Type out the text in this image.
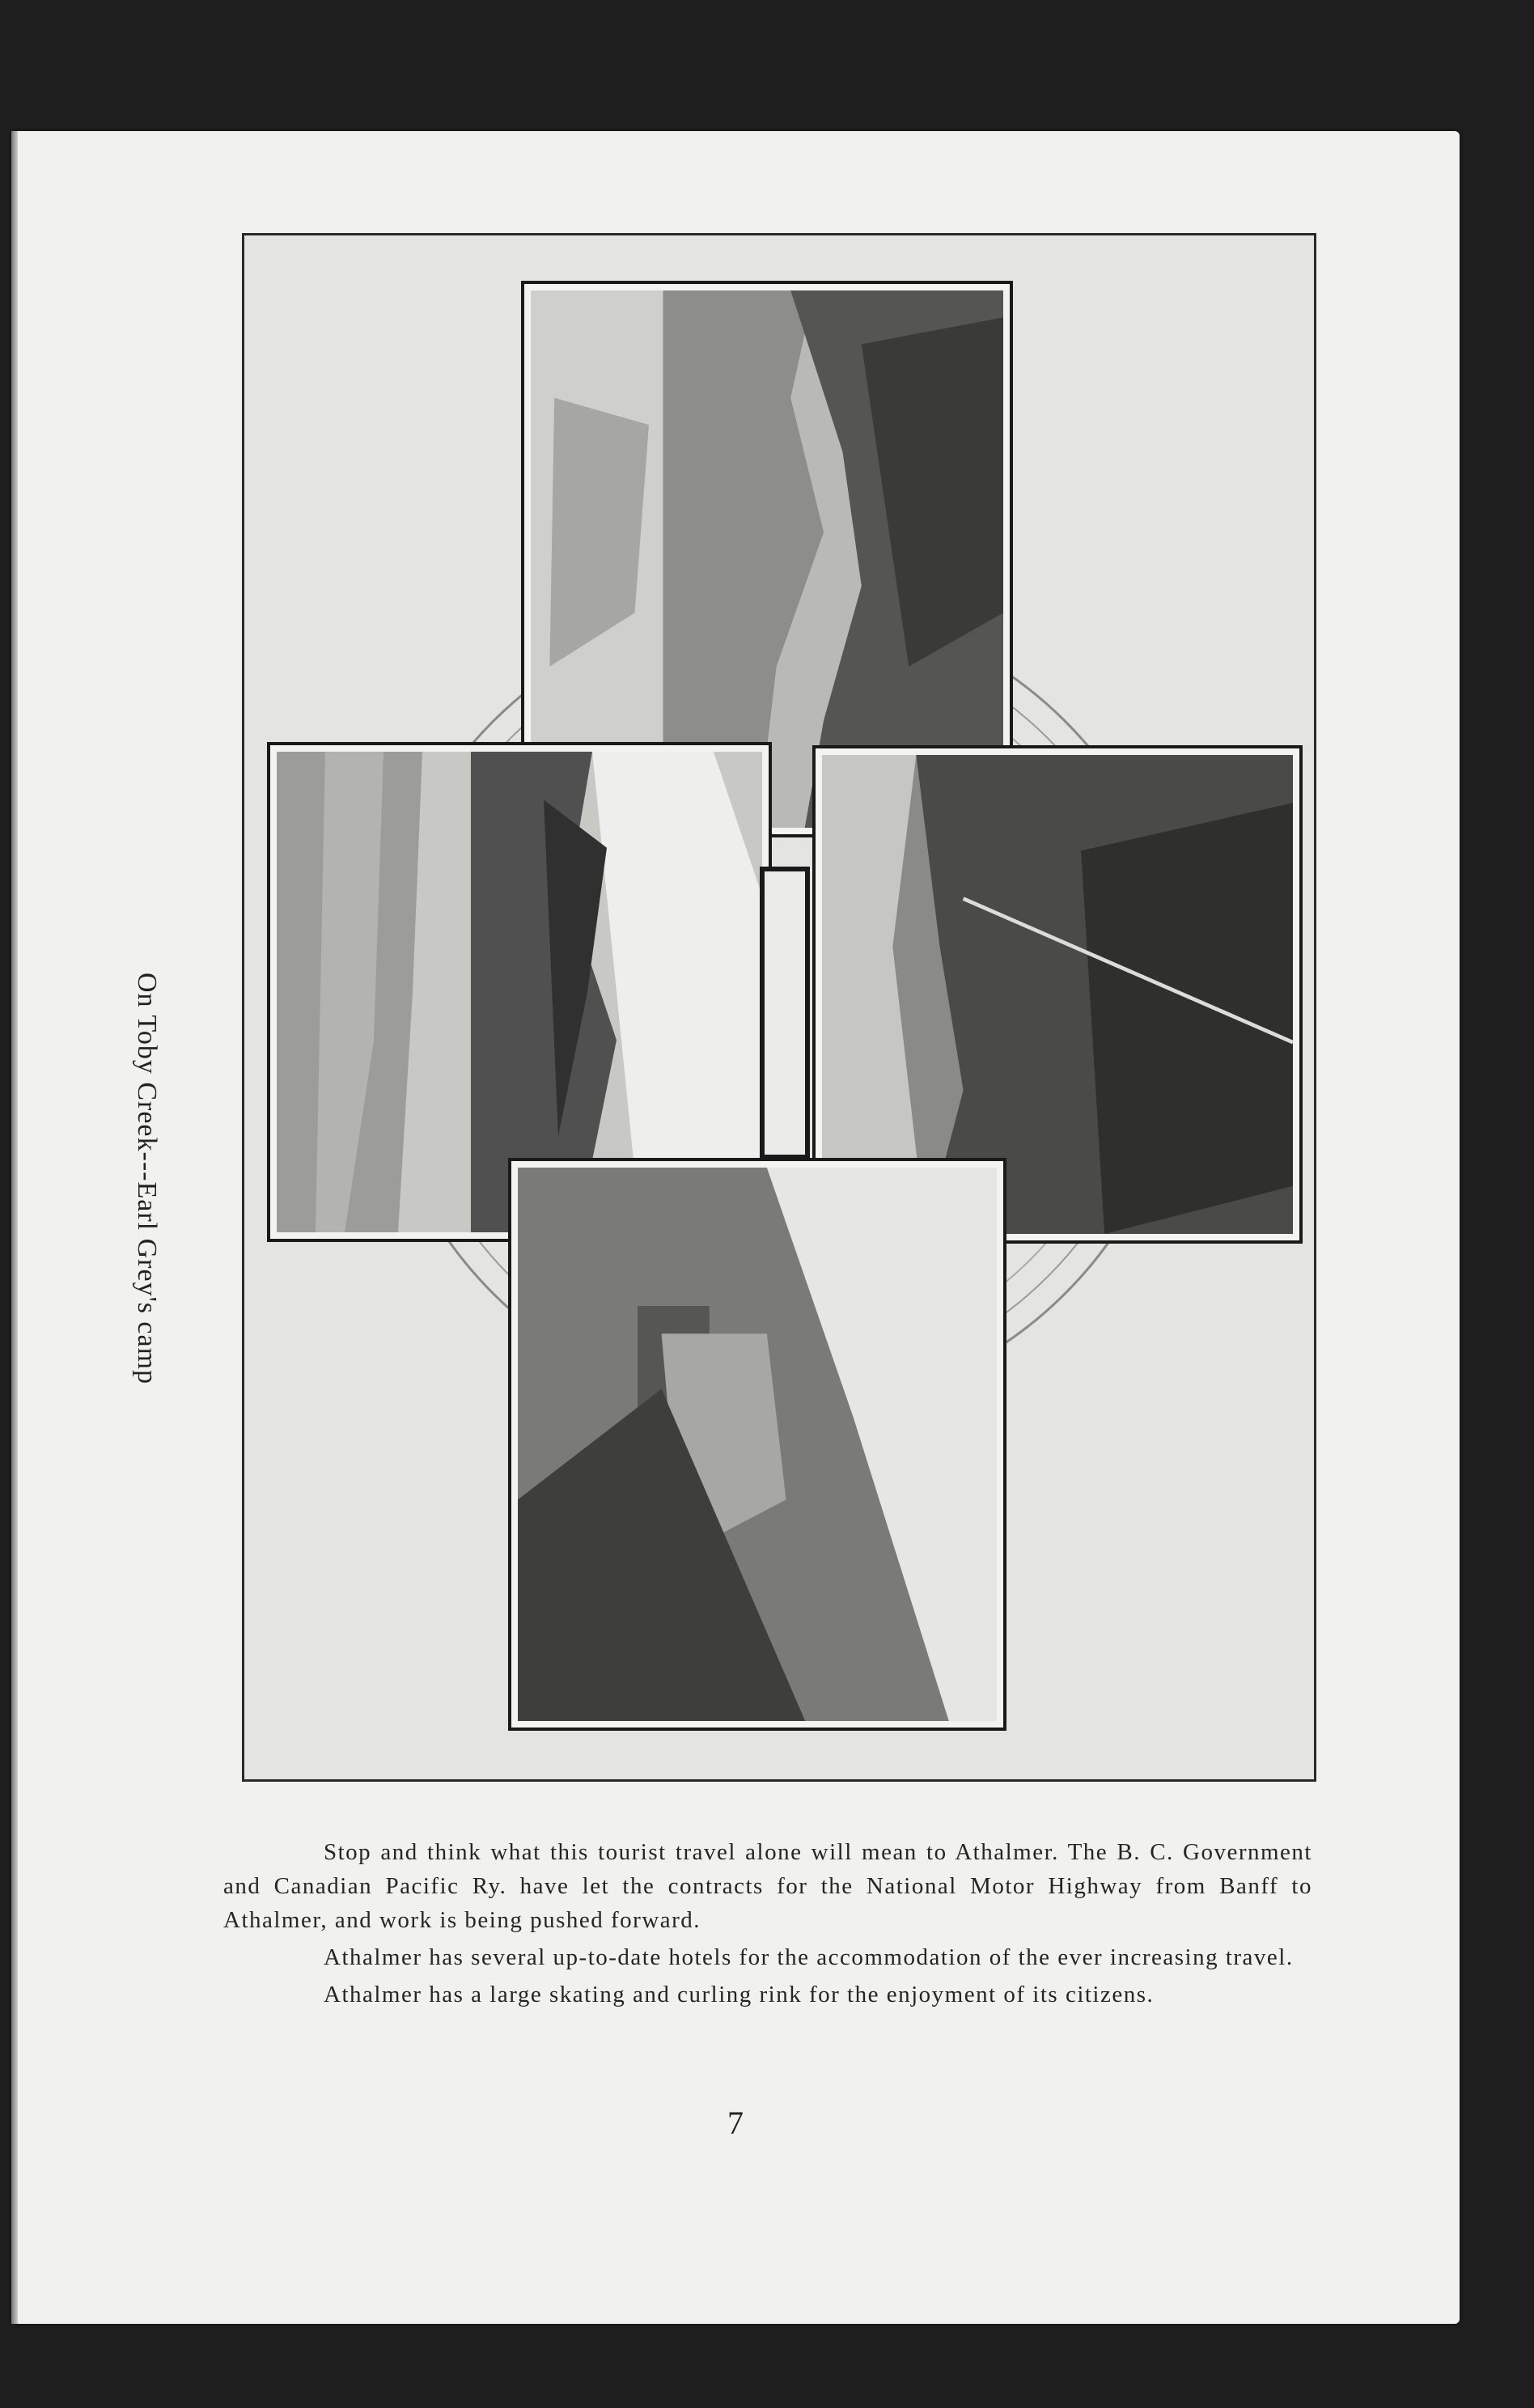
On Toby Creek---Earl Grey's camp

Stop and think what this tourist travel alone will mean to Athalmer. The B. C. Government and Canadian Pacific Ry. have let the contracts for the National Motor Highway from Banff to Athalmer, and work is being pushed forward.

Athalmer has several up-to-date hotels for the accommodation of the ever increasing travel.

Athalmer has a large skating and curling rink for the enjoyment of its citizens.

7
